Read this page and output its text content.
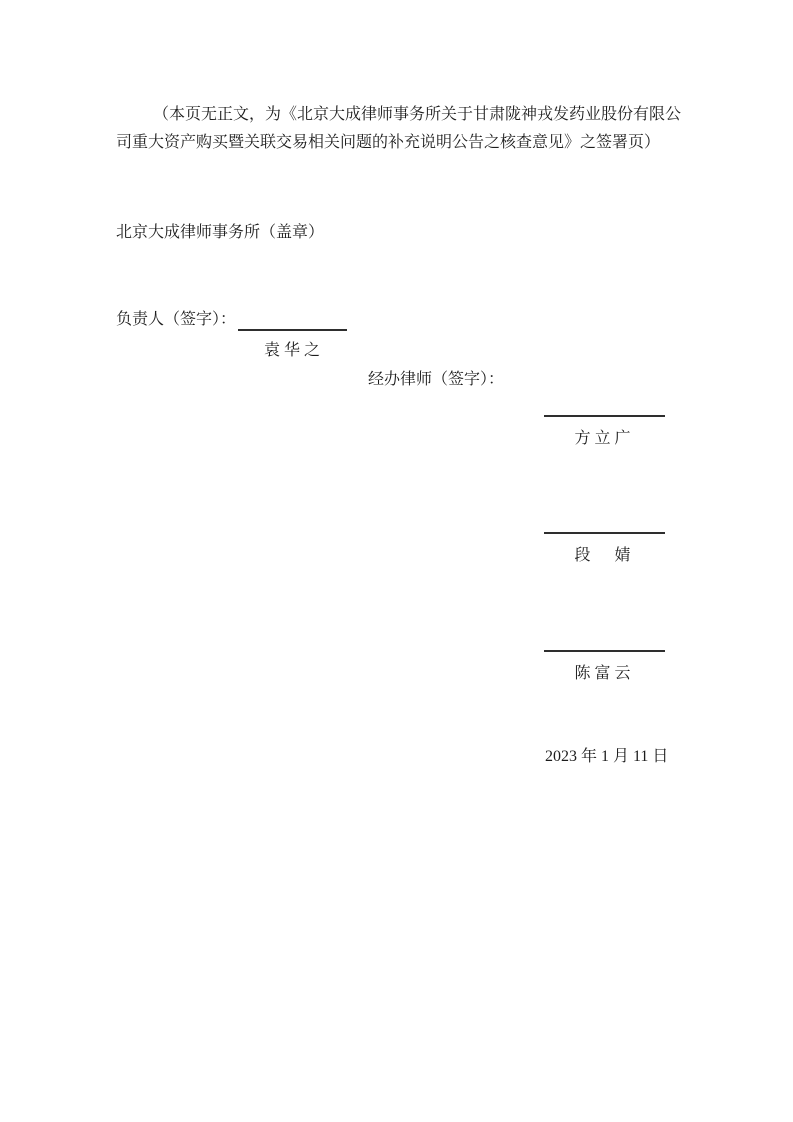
（本页无正文，为《北京大成律师事务所关于甘肃陇神戎发药业股份有限公
司重大资产购买暨关联交易相关问题的补充说明公告之核查意见》之签署页）
北京大成律师事务所（盖章）
负责人（签字）：
袁华之
经办律师（签字）：
方立广
段　婧
陈富云
2023 年 1 月 11 日
